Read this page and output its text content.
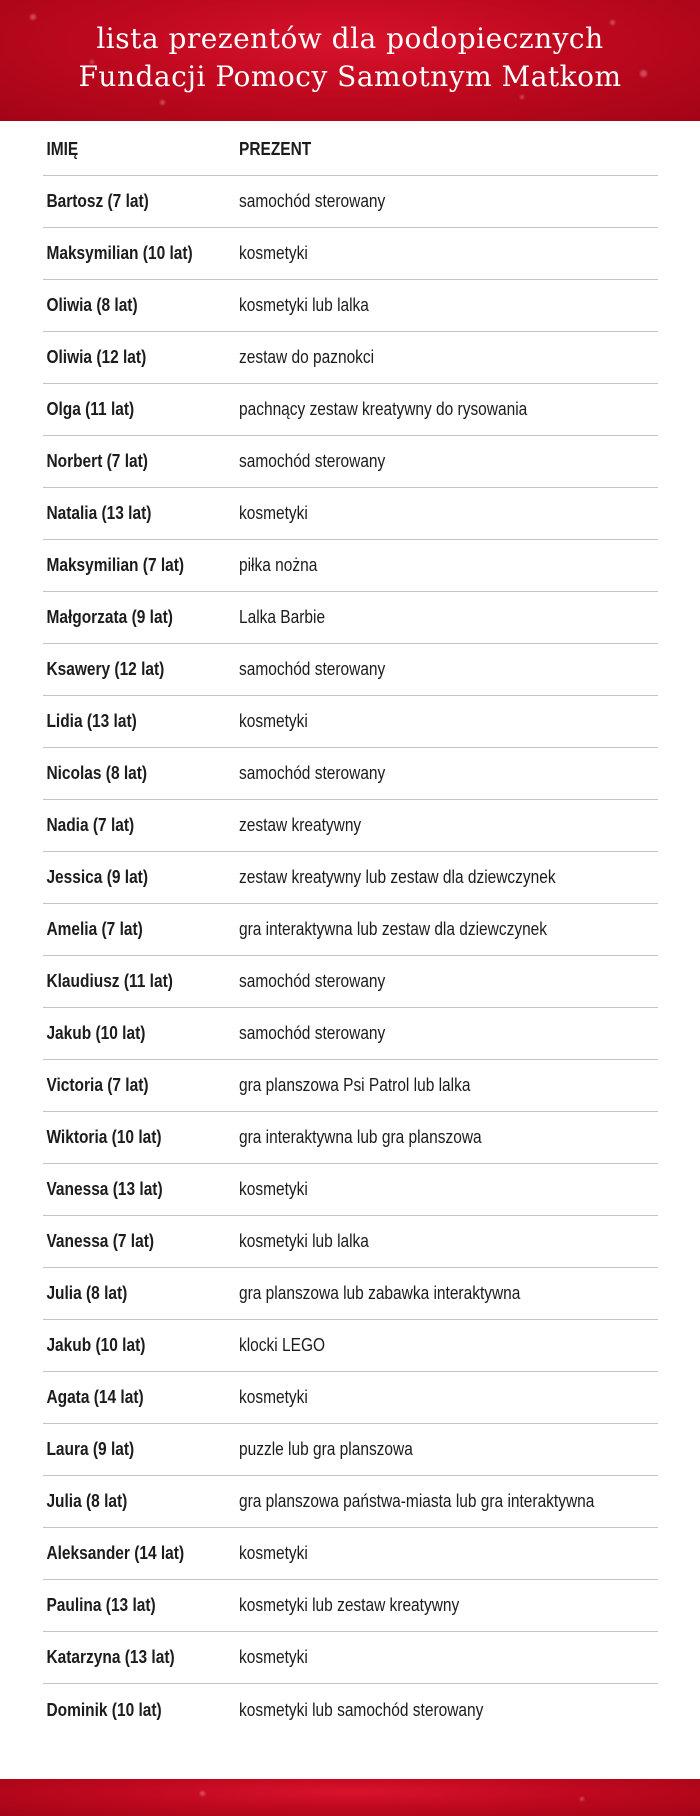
lista prezentów dla podopiecznych
Fundacji Pomocy Samotnym Matkom
IMIĘ	PREZENT
Bartosz (7 lat)	samochód sterowany
Maksymilian (10 lat)	kosmetyki
Oliwia (8 lat)	kosmetyki lub lalka
Oliwia (12 lat)	zestaw do paznokci
Olga (11 lat)	pachnący zestaw kreatywny do rysowania
Norbert (7 lat)	samochód sterowany
Natalia (13 lat)	kosmetyki
Maksymilian (7 lat)	piłka nożna
Małgorzata (9 lat)	Lalka Barbie
Ksawery (12 lat)	samochód sterowany
Lidia (13 lat)	kosmetyki
Nicolas (8 lat)	samochód sterowany
Nadia (7 lat)	zestaw kreatywny
Jessica (9 lat)	zestaw kreatywny lub zestaw dla dziewczynek
Amelia (7 lat)	gra interaktywna lub zestaw dla dziewczynek
Klaudiusz (11 lat)	samochód sterowany
Jakub (10 lat)	samochód sterowany
Victoria (7 lat)	gra planszowa Psi Patrol lub lalka
Wiktoria (10 lat)	gra interaktywna lub gra planszowa
Vanessa (13 lat)	kosmetyki
Vanessa (7 lat)	kosmetyki lub lalka
Julia (8 lat)	gra planszowa lub zabawka interaktywna
Jakub (10 lat)	klocki LEGO
Agata (14 lat)	kosmetyki
Laura (9 lat)	puzzle lub gra planszowa
Julia (8 lat)	gra planszowa państwa-miasta lub gra interaktywna
Aleksander (14 lat)	kosmetyki
Paulina (13 lat)	kosmetyki lub zestaw kreatywny
Katarzyna (13 lat)	kosmetyki
Dominik (10 lat)	kosmetyki lub samochód sterowany
